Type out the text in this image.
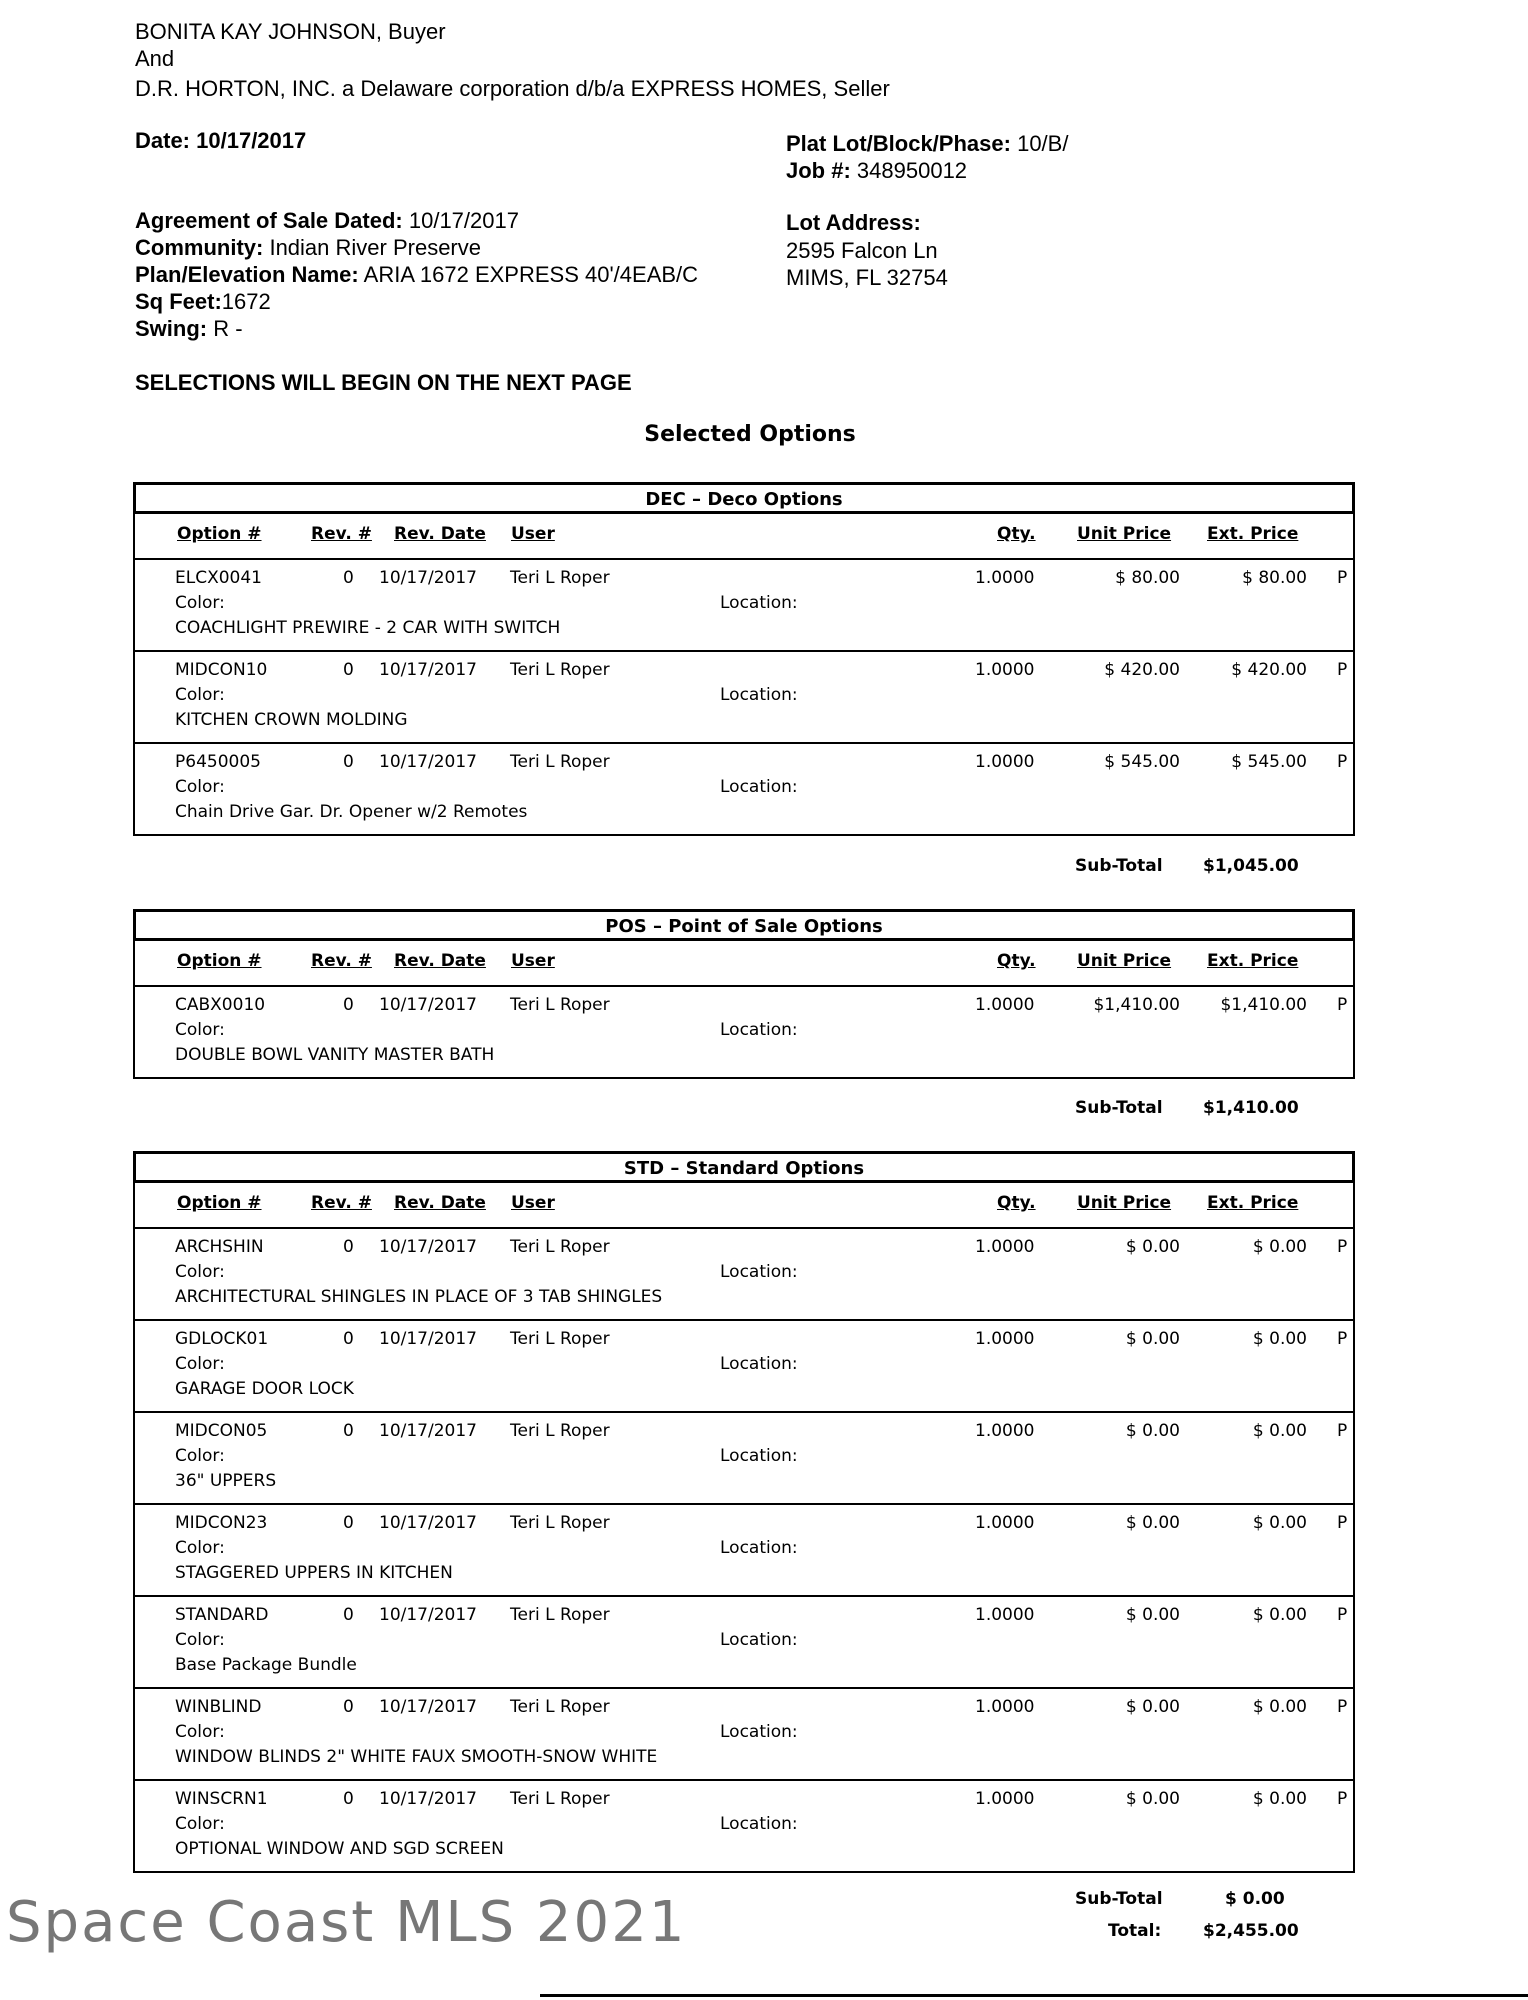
BONITA KAY JOHNSON, Buyer
And
D.R. HORTON, INC. a Delaware corporation d/b/a EXPRESS HOMES, Seller
Date: 10/17/2017
Agreement of Sale Dated: 10/17/2017
Community: Indian River Preserve
Plan/Elevation Name: ARIA 1672 EXPRESS 40'/4EAB/C
Sq Feet:1672
Swing: R -
Plat Lot/Block/Phase: 10/B/
Job #: 348950012
Lot Address:
2595 Falcon Ln
MIMS, FL 32754
SELECTIONS WILL BEGIN ON THE NEXT PAGE
Selected Options
DEC – Deco Options
Option #	Rev. # Rev. Date User	Qty. Unit Price Ext. Price
ELCX0041	0 10/17/2017 Teri L Roper	1.0000	$ 80.00	$ 80.00 P
Color:	Location:
COACHLIGHT PREWIRE - 2 CAR WITH SWITCH
MIDCON10	0 10/17/2017 Teri L Roper	1.0000	$ 420.00	$ 420.00 P
Color:	Location:
KITCHEN CROWN MOLDING
P6450005	0 10/17/2017 Teri L Roper	1.0000	$ 545.00	$ 545.00 P
Color:	Location:
Chain Drive Gar. Dr. Opener w/2 Remotes
POS – Point of Sale Options
Option #	Rev. # Rev. Date User	Qty. Unit Price Ext. Price
CABX0010	0 10/17/2017 Teri L Roper	1.0000	$1,410.00 $1,410.00 P
Color:	Location:
DOUBLE BOWL VANITY MASTER BATH
STD – Standard Options
Option #	Rev. # Rev. Date User	Qty. Unit Price Ext. Price
ARCHSHIN	0 10/17/2017 Teri L Roper	1.0000	$ 0.00	$ 0.00 P
Color:	Location:
ARCHITECTURAL SHINGLES IN PLACE OF 3 TAB SHINGLES
GDLOCK01	0 10/17/2017 Teri L Roper	1.0000	$ 0.00	$ 0.00 P
Color:	Location:
GARAGE DOOR LOCK
MIDCON05	0 10/17/2017 Teri L Roper	1.0000	$ 0.00	$ 0.00 P
Color:	Location:
36" UPPERS
MIDCON23	0 10/17/2017 Teri L Roper	1.0000	$ 0.00	$ 0.00 P
Color:	Location:
STAGGERED UPPERS IN KITCHEN
STANDARD	0 10/17/2017 Teri L Roper	1.0000	$ 0.00	$ 0.00 P
Color:	Location:
Base Package Bundle
WINBLIND	0 10/17/2017 Teri L Roper	1.0000	$ 0.00	$ 0.00 P
Color:	Location:
WINDOW BLINDS 2" WHITE FAUX SMOOTH-SNOW WHITE
WINSCRN1	0 10/17/2017 Teri L Roper	1.0000	$ 0.00	$ 0.00 P
Color:	Location:
OPTIONAL WINDOW AND SGD SCREEN
Sub-Total $1,045.00
Sub-Total $1,410.00
Sub-Total	$ 0.00
Total: $2,455.00
Space Coast MLS 2021
